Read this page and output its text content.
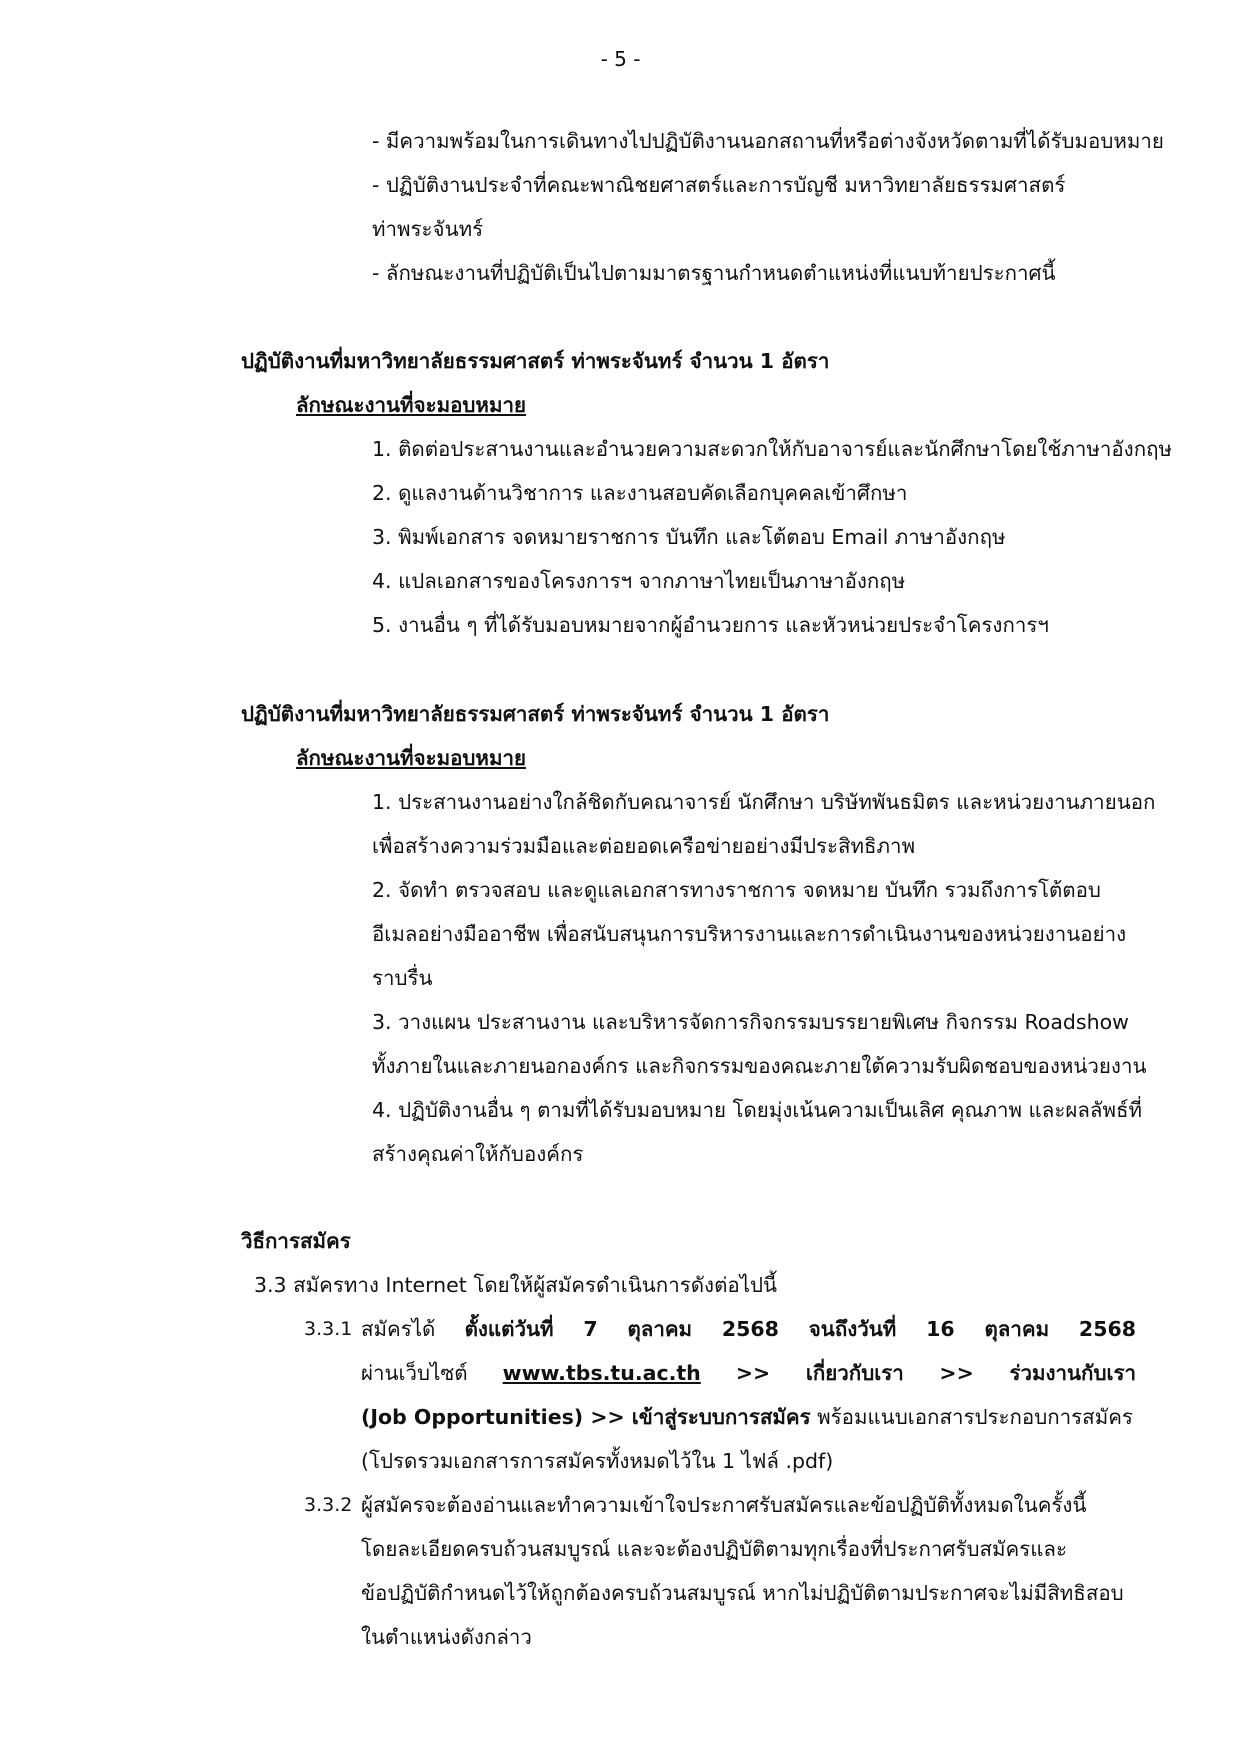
- 5 -
- มีความพร้อมในการเดินทางไปปฏิบัติงานนอกสถานที่หรือต่างจังหวัดตามที่ได้รับมอบหมาย
- ปฏิบัติงานประจำที่คณะพาณิชยศาสตร์และการบัญชี มหาวิทยาลัยธรรมศาสตร์
ท่าพระจันทร์
- ลักษณะงานที่ปฏิบัติเป็นไปตามมาตรฐานกำหนดตำแหน่งที่แนบท้ายประกาศนี้
ปฏิบัติงานที่มหาวิทยาลัยธรรมศาสตร์ ท่าพระจันทร์ จำนวน 1 อัตรา
ลักษณะงานที่จะมอบหมาย
1. ติดต่อประสานงานและอำนวยความสะดวกให้กับอาจารย์และนักศึกษาโดยใช้ภาษาอังกฤษ
2. ดูแลงานด้านวิชาการ และงานสอบคัดเลือกบุคคลเข้าศึกษา
3. พิมพ์เอกสาร จดหมายราชการ บันทึก และโต้ตอบ Email ภาษาอังกฤษ
4. แปลเอกสารของโครงการฯ จากภาษาไทยเป็นภาษาอังกฤษ
5. งานอื่น ๆ ที่ได้รับมอบหมายจากผู้อำนวยการ และหัวหน่วยประจำโครงการฯ
ปฏิบัติงานที่มหาวิทยาลัยธรรมศาสตร์ ท่าพระจันทร์ จำนวน 1 อัตรา
ลักษณะงานที่จะมอบหมาย
1. ประสานงานอย่างใกล้ชิดกับคณาจารย์ นักศึกษา บริษัทพันธมิตร และหน่วยงานภายนอก
เพื่อสร้างความร่วมมือและต่อยอดเครือข่ายอย่างมีประสิทธิภาพ
2. จัดทำ ตรวจสอบ และดูแลเอกสารทางราชการ จดหมาย บันทึก รวมถึงการโต้ตอบ
อีเมลอย่างมืออาชีพ เพื่อสนับสนุนการบริหารงานและการดำเนินงานของหน่วยงานอย่าง
ราบรื่น
3. วางแผน ประสานงาน และบริหารจัดการกิจกรรมบรรยายพิเศษ กิจกรรม Roadshow
ทั้งภายในและภายนอกองค์กร และกิจกรรมของคณะภายใต้ความรับผิดชอบของหน่วยงาน
4. ปฏิบัติงานอื่น ๆ ตามที่ได้รับมอบหมาย โดยมุ่งเน้นความเป็นเลิศ คุณภาพ และผลลัพธ์ที่
สร้างคุณค่าให้กับองค์กร
วิธีการสมัคร
3.3 สมัครทาง Internet โดยให้ผู้สมัครดำเนินการดังต่อไปนี้
3.3.1 สมัครได้ ตั้งแต่วันที่ 7 ตุลาคม 2568 จนถึงวันที่ 16 ตุลาคม 2568
ผ่านเว็บไซต์ www.tbs.tu.ac.th >> เกี่ยวกับเรา >> ร่วมงานกับเรา
(Job Opportunities) >> เข้าสู่ระบบการสมัคร พร้อมแนบเอกสารประกอบการสมัคร
(โปรดรวมเอกสารการสมัครทั้งหมดไว้ใน 1 ไฟล์ .pdf)
3.3.2 ผู้สมัครจะต้องอ่านและทำความเข้าใจประกาศรับสมัครและข้อปฏิบัติทั้งหมดในครั้งนี้
โดยละเอียดครบถ้วนสมบูรณ์ และจะต้องปฏิบัติตามทุกเรื่องที่ประกาศรับสมัครและ
ข้อปฏิบัติกำหนดไว้ให้ถูกต้องครบถ้วนสมบูรณ์ หากไม่ปฏิบัติตามประกาศจะไม่มีสิทธิสอบ
ในตำแหน่งดังกล่าว
